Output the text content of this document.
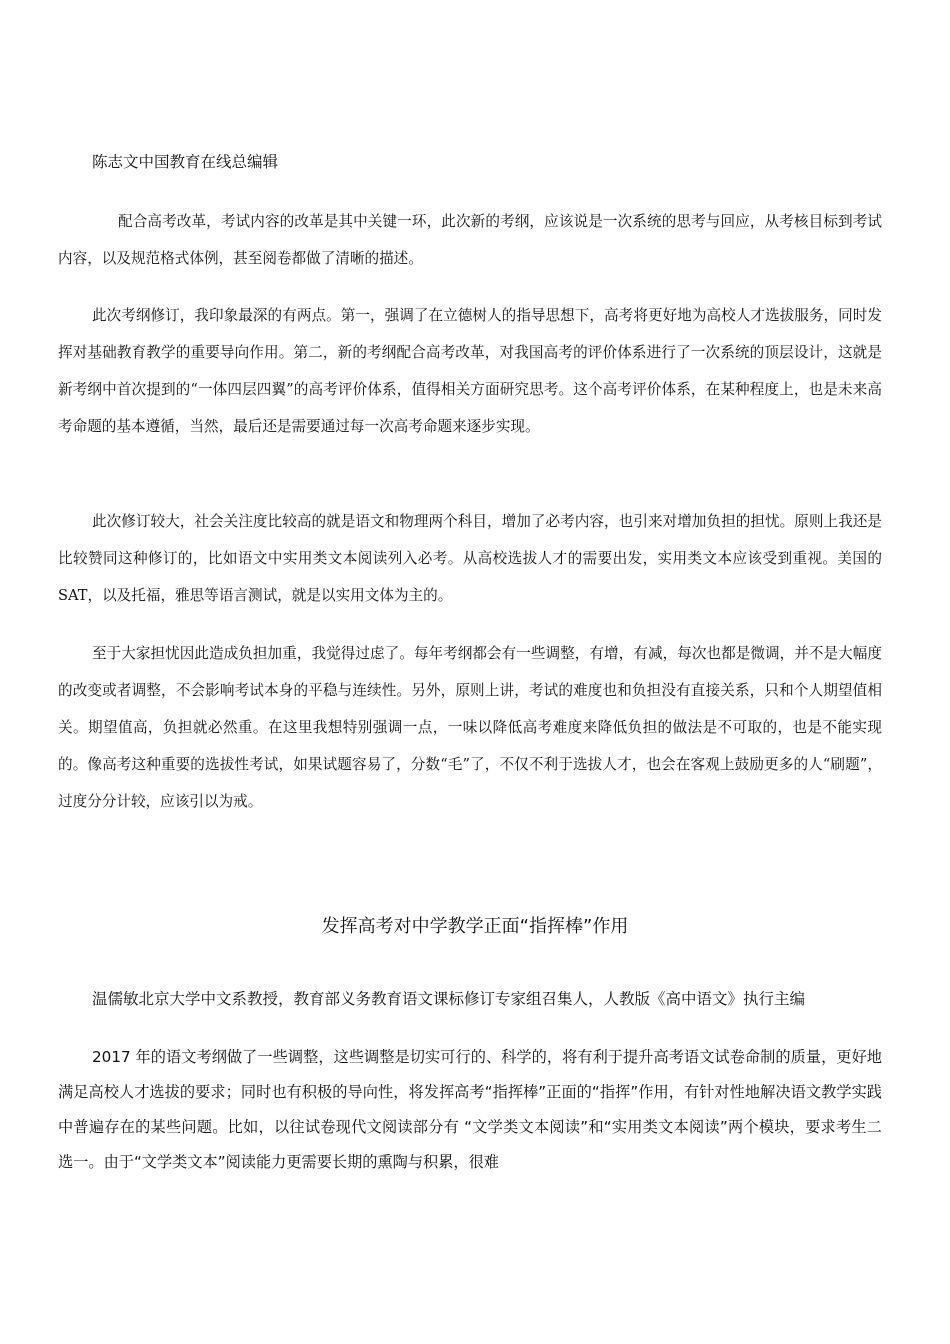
陈志文中国教育在线总编辑

配合高考改革，考试内容的改革是其中关键一环，此次新的考纲，应该说是一次系统的思考与回应，从考核目标到考试内容，以及规范格式体例，甚至阅卷都做了清晰的描述。

此次考纲修订，我印象最深的有两点。第一，强调了在立德树人的指导思想下，高考将更好地为高校人才选拔服务，同时发挥对基础教育教学的重要导向作用。第二，新的考纲配合高考改革，对我国高考的评价体系进行了一次系统的顶层设计，这就是新考纲中首次提到的“一体四层四翼”的高考评价体系，值得相关方面研究思考。这个高考评价体系，在某种程度上，也是未来高考命题的基本遵循，当然，最后还是需要通过每一次高考命题来逐步实现。

此次修订较大，社会关注度比较高的就是语文和物理两个科目，增加了必考内容，也引来对增加负担的担忧。原则上我还是比较赞同这种修订的，比如语文中实用类文本阅读列入必考。从高校选拔人才的需要出发，实用类文本应该受到重视。美国的SAT，以及托福，雅思等语言测试，就是以实用文体为主的。

至于大家担忧因此造成负担加重，我觉得过虑了。每年考纲都会有一些调整，有增，有减，每次也都是微调，并不是大幅度的改变或者调整，不会影响考试本身的平稳与连续性。另外，原则上讲，考试的难度也和负担没有直接关系，只和个人期望值相关。期望值高，负担就必然重。在这里我想特别强调一点，一味以降低高考难度来降低负担的做法是不可取的，也是不能实现的。像高考这种重要的选拔性考试，如果试题容易了，分数“毛”了，不仅不利于选拔人才，也会在客观上鼓励更多的人“刷题”，过度分分计较，应该引以为戒。

发挥高考对中学教学正面“指挥棒”作用
温儒敏北京大学中文系教授，教育部义务教育语文课标修订专家组召集人，人教版《高中语文》执行主编

2017 年的语文考纲做了一些调整，这些调整是切实可行的、科学的，将有利于提升高考语文试卷命制的质量，更好地满足高校人才选拔的要求；同时也有积极的导向性，将发挥高考“指挥棒”正面的“指挥”作用，有针对性地解决语文教学实践中普遍存在的某些问题。比如，以往试卷现代文阅读部分有 “文学类文本阅读”和“实用类文本阅读”两个模块，要求考生二选一。由于“文学类文本”阅读能力更需要长期的熏陶与积累，很难
